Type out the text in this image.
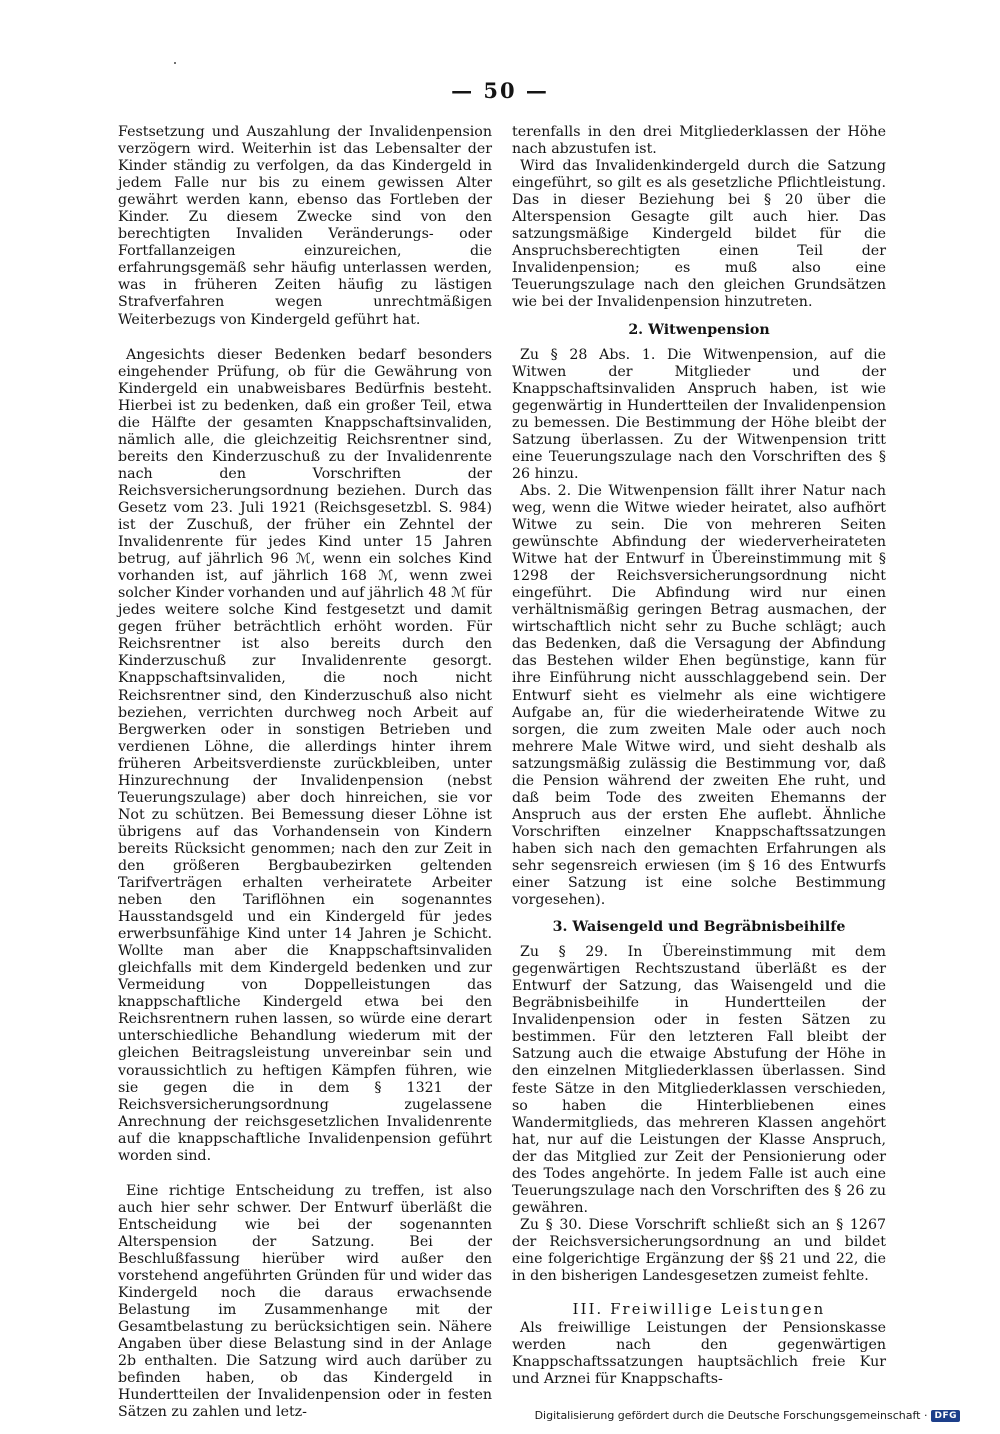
— 50 —

Festsetzung und Auszahlung der Invalidenpension verzögern wird. Weiterhin ist das Lebensalter der Kinder ständig zu verfolgen, da das Kindergeld in jedem Falle nur bis zu einem gewissen Alter gewährt werden kann, ebenso das Fortleben der Kinder. Zu diesem Zwecke sind von den berechtigten Invaliden Veränderungs- oder Fortfallanzeigen einzureichen, die erfahrungsgemäß sehr häufig unterlassen werden, was in früheren Zeiten häufig zu lästigen Strafverfahren wegen unrechtmäßigen Weiterbezugs von Kindergeld geführt hat.

Angesichts dieser Bedenken bedarf besonders eingehender Prüfung, ob für die Gewährung von Kindergeld ein unabweisbares Bedürfnis besteht. Hierbei ist zu bedenken, daß ein großer Teil, etwa die Hälfte der gesamten Knappschaftsinvaliden, nämlich alle, die gleichzeitig Reichsrentner sind, bereits den Kinderzuschuß zu der Invalidenrente nach den Vorschriften der Reichsversicherungsordnung beziehen. Durch das Gesetz vom 23. Juli 1921 (Reichsgesetzbl. S. 984) ist der Zuschuß, der früher ein Zehntel der Invalidenrente für jedes Kind unter 15 Jahren betrug, auf jährlich 96 ℳ, wenn ein solches Kind vorhanden ist, auf jährlich 168 ℳ, wenn zwei solcher Kinder vorhanden und auf jährlich 48 ℳ für jedes weitere solche Kind festgesetzt und damit gegen früher beträchtlich erhöht worden. Für Reichsrentner ist also bereits durch den Kinderzuschuß zur Invalidenrente gesorgt. Knappschaftsinvaliden, die noch nicht Reichsrentner sind, den Kinderzuschuß also nicht beziehen, verrichten durchweg noch Arbeit auf Bergwerken oder in sonstigen Betrieben und verdienen Löhne, die allerdings hinter ihrem früheren Arbeitsverdienste zurückbleiben, unter Hinzurechnung der Invalidenpension (nebst Teuerungszulage) aber doch hinreichen, sie vor Not zu schützen. Bei Bemessung dieser Löhne ist übrigens auf das Vorhandensein von Kindern bereits Rücksicht genommen; nach den zur Zeit in den größeren Bergbaubezirken geltenden Tarifverträgen erhalten verheiratete Arbeiter neben den Tariflöhnen ein sogenanntes Hausstandsgeld und ein Kindergeld für jedes erwerbsunfähige Kind unter 14 Jahren je Schicht. Wollte man aber die Knappschaftsinvaliden gleichfalls mit dem Kindergeld bedenken und zur Vermeidung von Doppelleistungen das knappschaftliche Kindergeld etwa bei den Reichsrentnern ruhen lassen, so würde eine derart unterschiedliche Behandlung wiederum mit der gleichen Beitragsleistung unvereinbar sein und voraussichtlich zu heftigen Kämpfen führen, wie sie gegen die in dem § 1321 der Reichsversicherungsordnung zugelassene Anrechnung der reichsgesetzlichen Invalidenrente auf die knappschaftliche Invalidenpension geführt worden sind.

Eine richtige Entscheidung zu treffen, ist also auch hier sehr schwer. Der Entwurf überläßt die Entscheidung wie bei der sogenannten Alterspension der Satzung. Bei der Beschlußfassung hierüber wird außer den vorstehend angeführten Gründen für und wider das Kindergeld noch die daraus erwachsende Belastung im Zusammenhange mit der Gesamtbelastung zu berücksichtigen sein. Nähere Angaben über diese Belastung sind in der Anlage 2b enthalten. Die Satzung wird auch darüber zu befinden haben, ob das Kindergeld in Hundertteilen der Invalidenpension oder in festen Sätzen zu zahlen und letz-

terenfalls in den drei Mitgliederklassen der Höhe nach abzustufen ist.

Wird das Invalidenkindergeld durch die Satzung eingeführt, so gilt es als gesetzliche Pflichtleistung. Das in dieser Beziehung bei § 20 über die Alterspension Gesagte gilt auch hier. Das satzungsmäßige Kindergeld bildet für die Anspruchsberechtigten einen Teil der Invalidenpension; es muß also eine Teuerungszulage nach den gleichen Grundsätzen wie bei der Invalidenpension hinzutreten.

2. Witwenpension

Zu § 28 Abs. 1. Die Witwenpension, auf die Witwen der Mitglieder und der Knappschaftsinvaliden Anspruch haben, ist wie gegenwärtig in Hundertteilen der Invalidenpension zu bemessen. Die Bestimmung der Höhe bleibt der Satzung überlassen. Zu der Witwenpension tritt eine Teuerungszulage nach den Vorschriften des § 26 hinzu.

Abs. 2. Die Witwenpension fällt ihrer Natur nach weg, wenn die Witwe wieder heiratet, also aufhört Witwe zu sein. Die von mehreren Seiten gewünschte Abfindung der wiederverheirateten Witwe hat der Entwurf in Übereinstimmung mit § 1298 der Reichsversicherungsordnung nicht eingeführt. Die Abfindung wird nur einen verhältnismäßig geringen Betrag ausmachen, der wirtschaftlich nicht sehr zu Buche schlägt; auch das Bedenken, daß die Versagung der Abfindung das Bestehen wilder Ehen begünstige, kann für ihre Einführung nicht ausschlaggebend sein. Der Entwurf sieht es vielmehr als eine wichtigere Aufgabe an, für die wiederheiratende Witwe zu sorgen, die zum zweiten Male oder auch noch mehrere Male Witwe wird, und sieht deshalb als satzungsmäßig zulässig die Bestimmung vor, daß die Pension während der zweiten Ehe ruht, und daß beim Tode des zweiten Ehemanns der Anspruch aus der ersten Ehe auflebt. Ähnliche Vorschriften einzelner Knappschaftssatzungen haben sich nach den gemachten Erfahrungen als sehr segensreich erwiesen (im § 16 des Entwurfs einer Satzung ist eine solche Bestimmung vorgesehen).

3. Waisengeld und Begräbnisbeihilfe

Zu § 29. In Übereinstimmung mit dem gegenwärtigen Rechtszustand überläßt es der Entwurf der Satzung, das Waisengeld und die Begräbnisbeihilfe in Hundertteilen der Invalidenpension oder in festen Sätzen zu bestimmen. Für den letzteren Fall bleibt der Satzung auch die etwaige Abstufung der Höhe in den einzelnen Mitgliederklassen überlassen. Sind feste Sätze in den Mitgliederklassen verschieden, so haben die Hinterbliebenen eines Wandermitglieds, das mehreren Klassen angehört hat, nur auf die Leistungen der Klasse Anspruch, der das Mitglied zur Zeit der Pensionierung oder des Todes angehörte. In jedem Falle ist auch eine Teuerungszulage nach den Vorschriften des § 26 zu gewähren.

Zu § 30. Diese Vorschrift schließt sich an § 1267 der Reichsversicherungsordnung an und bildet eine folgerichtige Ergänzung der §§ 21 und 22, die in den bisherigen Landesgesetzen zumeist fehlte.

III. Freiwillige Leistungen

Als freiwillige Leistungen der Pensionskasse werden nach den gegenwärtigen Knappschaftssatzungen hauptsächlich freie Kur und Arznei für Knappschafts-

Digitalisierung gefördert durch die Deutsche Forschungsgemeinschaft · DFG
